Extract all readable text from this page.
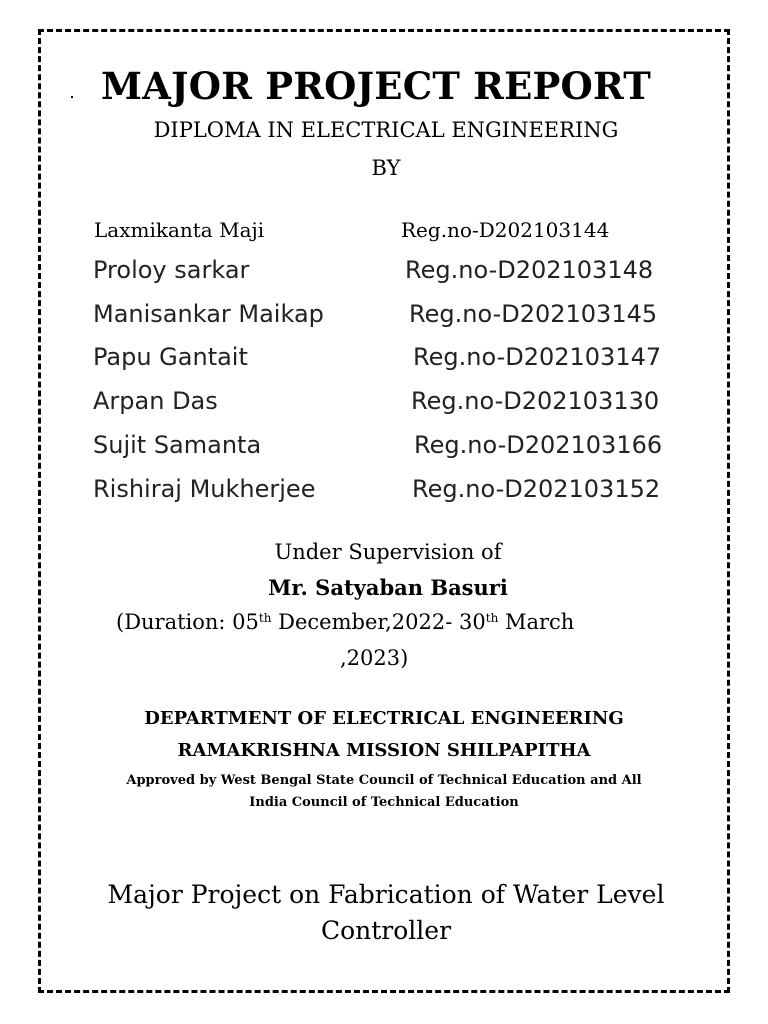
MAJOR PROJECT REPORT
DIPLOMA IN ELECTRICAL ENGINEERING
BY
Laxmikanta Maji	Reg.no-D202103144
Proloy sarkar	Reg.no-D202103148
Manisankar Maikap	Reg.no-D202103145
Papu Gantait	Reg.no-D202103147
Arpan Das	Reg.no-D202103130
Sujit Samanta	Reg.no-D202103166
Rishiraj Mukherjee	Reg.no-D202103152
Under Supervision of
Mr. Satyaban Basuri
(Duration: 05th December,2022- 30th March
,2023)
DEPARTMENT OF ELECTRICAL ENGINEERING
RAMAKRISHNA MISSION SHILPAPITHA
Approved by West Bengal State Council of Technical Education and All
India Council of Technical Education
Major Project on Fabrication of Water Level
Controller
